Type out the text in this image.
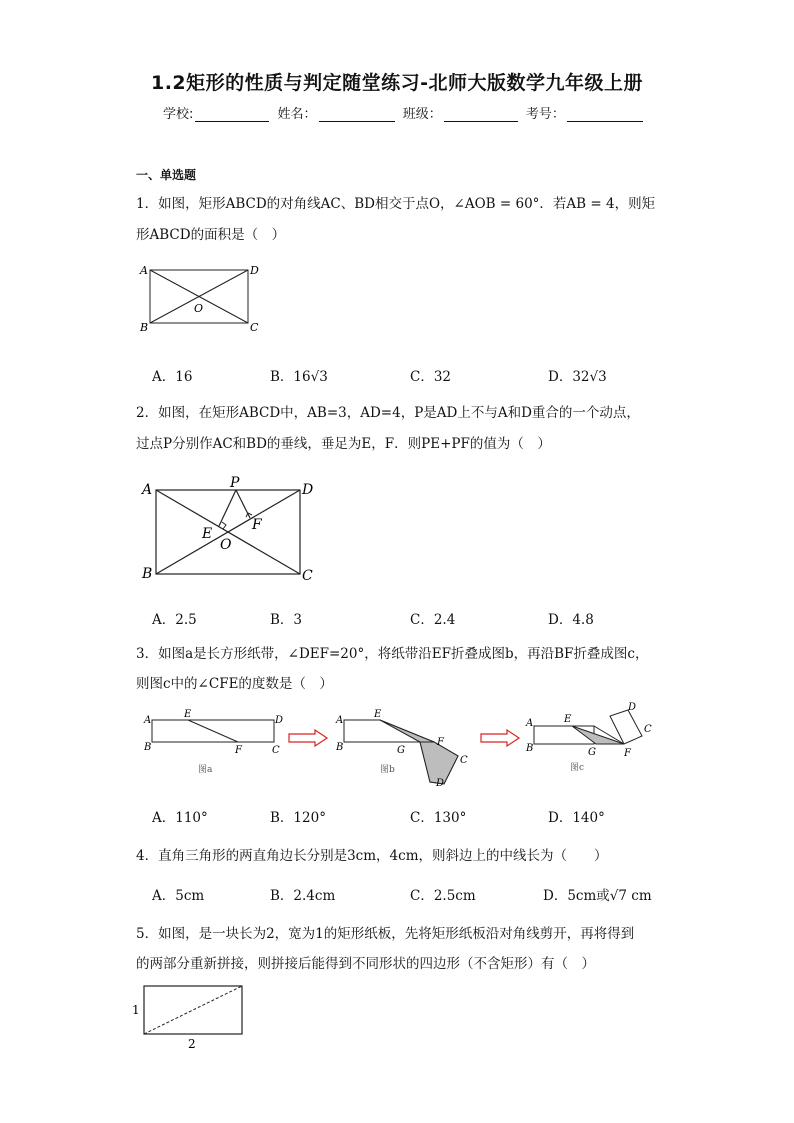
1.2矩形的性质与判定随堂练习-北师大版数学九年级上册
学校:	姓名：	班级：	考号：
一、单选题
1．如图，矩形ABCD的对角线AC、BD相交于点O，∠AOB = 60°．若AB = 4，则矩
形ABCD的面积是（　）
A	D
O
B	C
A．16	B．16√3	C．32	D．32√3
2．如图，在矩形ABCD中，AB=3，AD=4，P是AD上不与A和D重合的一个动点，
过点P分别作AC和BD的垂线，垂足为E，F．则PE+PF的值为（　）
A	P	D
E
F
O
B	C
A．2.5	B．3	C．2.4	D．4.8
3．如图a是长方形纸带，∠DEF=20°，将纸带沿EF折叠成图b，再沿BF折叠成图c，
则图c中的∠CFE的度数是（　）
A
E
D
B	F	C
图a
A
E
B	G
F
C
D
图b
A	E
D
C
B	G	F
图c
A．110°	B．120°	C．130°	D．140°
4．直角三角形的两直角边长分别是3cm，4cm，则斜边上的中线长为（　　）
A．5cm	B．2.4cm	C．2.5cm	D．5cm或√7 cm
5．如图，是一块长为2，宽为1的矩形纸板，先将矩形纸板沿对角线剪开，再将得到
的两部分重新拼接，则拼接后能得到不同形状的四边形（不含矩形）有（　）
1
2
